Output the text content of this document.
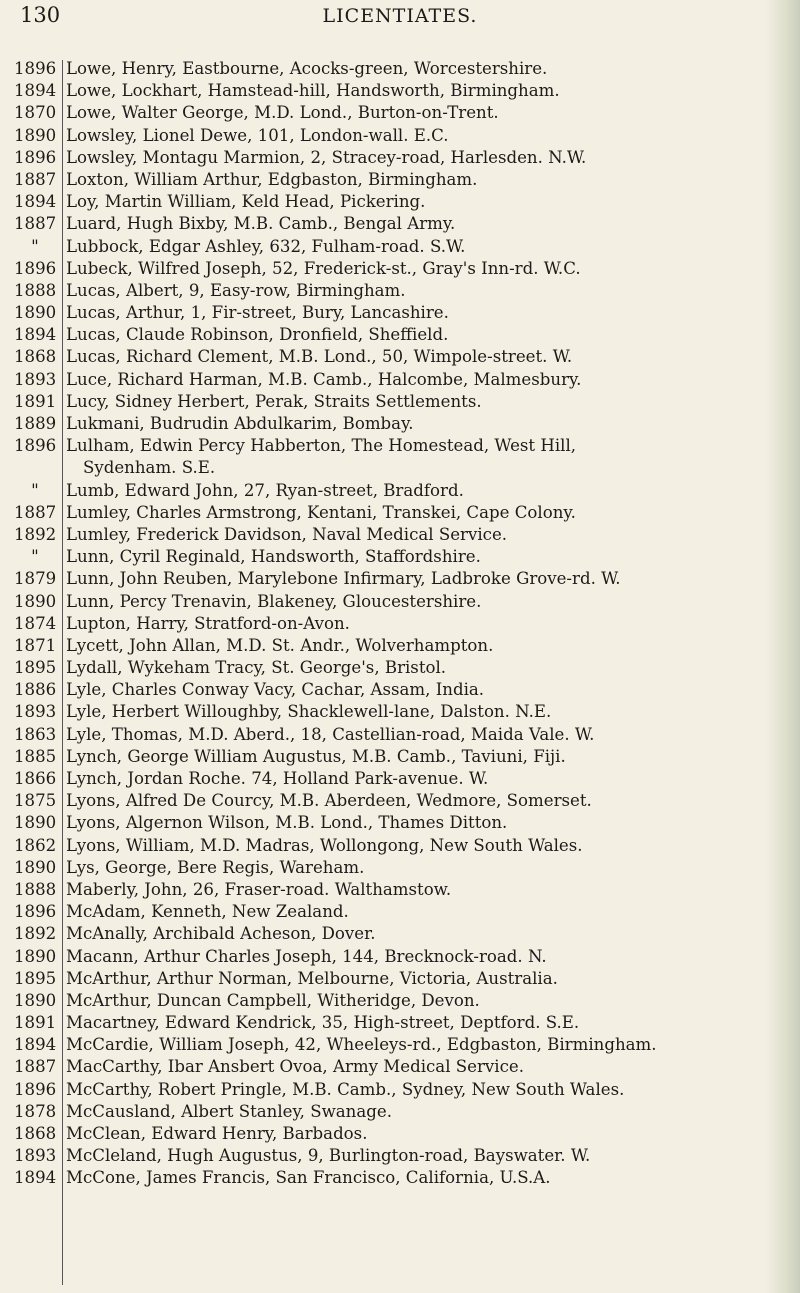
130	LICENTIATES.
1896 Lowe, Henry, Eastbourne, Acocks-green, Worcestershire.
1894 Lowe, Lockhart, Hamstead-hill, Handsworth, Birmingham.
1870 Lowe, Walter George, M.D. Lond., Burton-on-Trent.
1890 Lowsley, Lionel Dewe, 101, London-wall. E.C.
1896 Lowsley, Montagu Marmion, 2, Stracey-road, Harlesden. N.W.
1887 Loxton, William Arthur, Edgbaston, Birmingham.
1894 Loy, Martin William, Keld Head, Pickering.
1887 Luard, Hugh Bixby, M.B. Camb., Bengal Army.
"	Lubbock, Edgar Ashley, 632, Fulham-road. S.W.
1896 Lubeck, Wilfred Joseph, 52, Frederick-st., Gray's Inn-rd. W.C.
1888 Lucas, Albert, 9, Easy-row, Birmingham.
1890 Lucas, Arthur, 1, Fir-street, Bury, Lancashire.
1894 Lucas, Claude Robinson, Dronfield, Sheffield.
1868 Lucas, Richard Clement, M.B. Lond., 50, Wimpole-street. W.
1893 Luce, Richard Harman, M.B. Camb., Halcombe, Malmesbury.
1891 Lucy, Sidney Herbert, Perak, Straits Settlements.
1889 Lukmani, Budrudin Abdulkarim, Bombay.
1896 Lulham, Edwin Percy Habberton, The Homestead, West Hill,
Sydenham. S.E.
"	Lumb, Edward John, 27, Ryan-street, Bradford.
1887 Lumley, Charles Armstrong, Kentani, Transkei, Cape Colony.
1892 Lumley, Frederick Davidson, Naval Medical Service.
"	Lunn, Cyril Reginald, Handsworth, Staffordshire.
1879 Lunn, John Reuben, Marylebone Infirmary, Ladbroke Grove-rd. W.
1890 Lunn, Percy Trenavin, Blakeney, Gloucestershire.
1874 Lupton, Harry, Stratford-on-Avon.
1871 Lycett, John Allan, M.D. St. Andr., Wolverhampton.
1895 Lydall, Wykeham Tracy, St. George's, Bristol.
1886 Lyle, Charles Conway Vacy, Cachar, Assam, India.
1893 Lyle, Herbert Willoughby, Shacklewell-lane, Dalston. N.E.
1863 Lyle, Thomas, M.D. Aberd., 18, Castellian-road, Maida Vale. W.
1885 Lynch, George William Augustus, M.B. Camb., Taviuni, Fiji.
1866 Lynch, Jordan Roche. 74, Holland Park-avenue. W.
1875 Lyons, Alfred De Courcy, M.B. Aberdeen, Wedmore, Somerset.
1890 Lyons, Algernon Wilson, M.B. Lond., Thames Ditton.
1862 Lyons, William, M.D. Madras, Wollongong, New South Wales.
1890 Lys, George, Bere Regis, Wareham.
1888 Maberly, John, 26, Fraser-road. Walthamstow.
1896 McAdam, Kenneth, New Zealand.
1892 McAnally, Archibald Acheson, Dover.
1890 Macann, Arthur Charles Joseph, 144, Brecknock-road. N.
1895 McArthur, Arthur Norman, Melbourne, Victoria, Australia.
1890 McArthur, Duncan Campbell, Witheridge, Devon.
1891 Macartney, Edward Kendrick, 35, High-street, Deptford. S.E.
1894 McCardie, William Joseph, 42, Wheeleys-rd., Edgbaston, Birmingham.
1887 MacCarthy, Ibar Ansbert Ovoa, Army Medical Service.
1896 McCarthy, Robert Pringle, M.B. Camb., Sydney, New South Wales.
1878 McCausland, Albert Stanley, Swanage.
1868 McClean, Edward Henry, Barbados.
1893 McCleland, Hugh Augustus, 9, Burlington-road, Bayswater. W.
1894 McCone, James Francis, San Francisco, California, U.S.A.
